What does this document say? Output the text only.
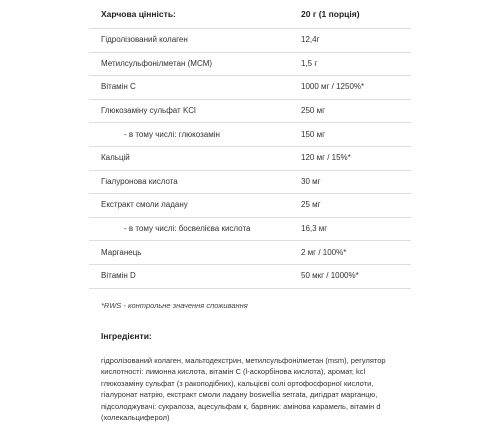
Харчова цінність:	20 г (1 порція)
Гідролізований колаген	12,4г
Метилсульфонілметан (MCM)	1,5 г
Вітамін С	1000 мг / 1250%*
Глюкозаміну сульфат KCl	250 мг
- в тому числі: глюкозамін	150 мг
Кальцій	120 мг / 15%*
Гіалуронова кислота	30 мг
Екстракт смоли ладану	25 мг
- в тому числі: босвелієва кислота	16,3 мг
Марганець	2 мг / 100%*
Вітамін D	50 мкг / 1000%*
*RWS - контрольне значення споживання
Інгредієнти:
гідролізований колаген, мальтодекстрин, метилсульфонілметан (msm), регулятор кислотності: лимонна кислота, вітамін С (l-аскорбінова кислота), аромат, kcl глюкозаміну сульфат (з ракоподібних), кальцієві солі ортофосфорної кислоти, гіалуронат натрію, екстракт смоли ладану boswellia serrata, дигідрат марганцю, підсолоджувачі: сукралоза, ацесульфам к, барвник: амінова карамель, вітамін d (холекальциферол)
